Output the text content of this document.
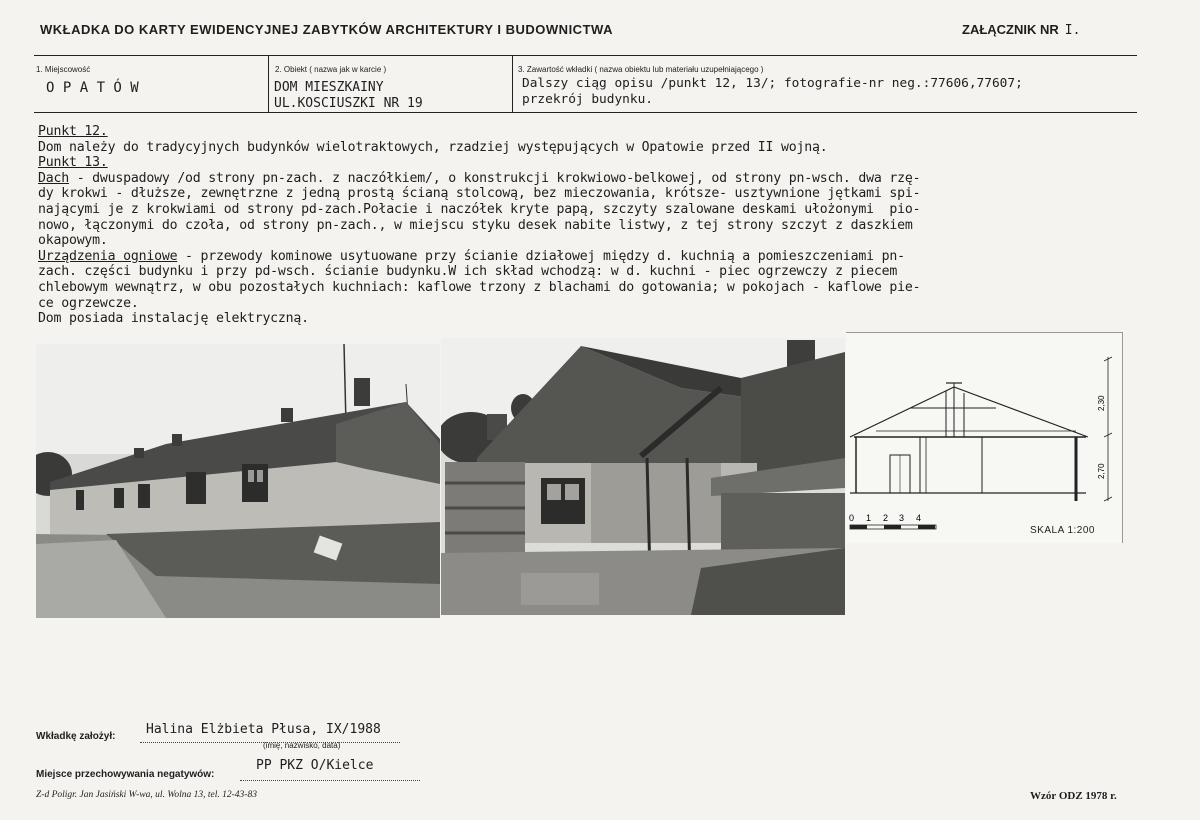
WKŁADKA DO KARTY EWIDENCYJNEJ ZABYTKÓW ARCHITEKTURY I BUDOWNICTWA	ZAŁĄCZNIK NR I.
1. Miejscowość
O P A T Ó W
2. Obiekt ( nazwa jak w karcie )
DOM MIESZKAINY
UL.KOŚCIUSZKI NR 19
3. Zawartość wkładki ( nazwa obiektu lub materiału uzupełniającego )
Dalszy ciąg opisu /punkt 12, 13/; fotografie-nr neg.:77606,77607;
przekrój budynku.
Punkt 12.
Dom należy do tradycyjnych budynków wielotraktowych, rzadziej występujących w Opatowie przed II wojną.
Punkt 13.
Dach - dwuspadowy /od strony pn-zach. z naczółkiem/, o konstrukcji krokwiowo-belkowej, od strony pn-wsch. dwa rzę-
dy krokwi - dłuższe, zewnętrzne z jedną prostą ścianą stolcową, bez mieczowania, krótsze- usztywnione jętkami spi-
nającymi je z krokwiami od strony pd-zach.Połacie i naczółek kryte papą, szczyty szalowane deskami ułożonymi  pio-
nowo, łączonymi do czoła, od strony pn-zach., w miejscu styku desek nabite listwy, z tej strony szczyt z daszkiem
okapowym.
Urządzenia ogniowe - przewody kominowe usytuowane przy ścianie działowej między d. kuchnią a pomieszczeniami pn-
zach. części budynku i przy pd-wsch. ścianie budynku.W ich skład wchodzą: w d. kuchni - piec ogrzewczy z piecem
chlebowym wewnątrz, w obu pozostałych kuchniach: kaflowe trzony z blachami do gotowania; w pokojach - kaflowe pie-
ce ogrzewcze.
Dom posiada instalację elektryczną.
2,30
2,70
0 1 2 3 4
SKALA 1:200
Wkładkę założył: Halina Elżbieta Płusa, IX/1988
(imię, nazwisko, data)
Miejsce przechowywania negatywów:
PP PKZ O/Kielce
Z-d Poligr. Jan Jasiński W-wa, ul. Wolna 13, tel. 12-43-83	Wzór ODZ 1978 r.
